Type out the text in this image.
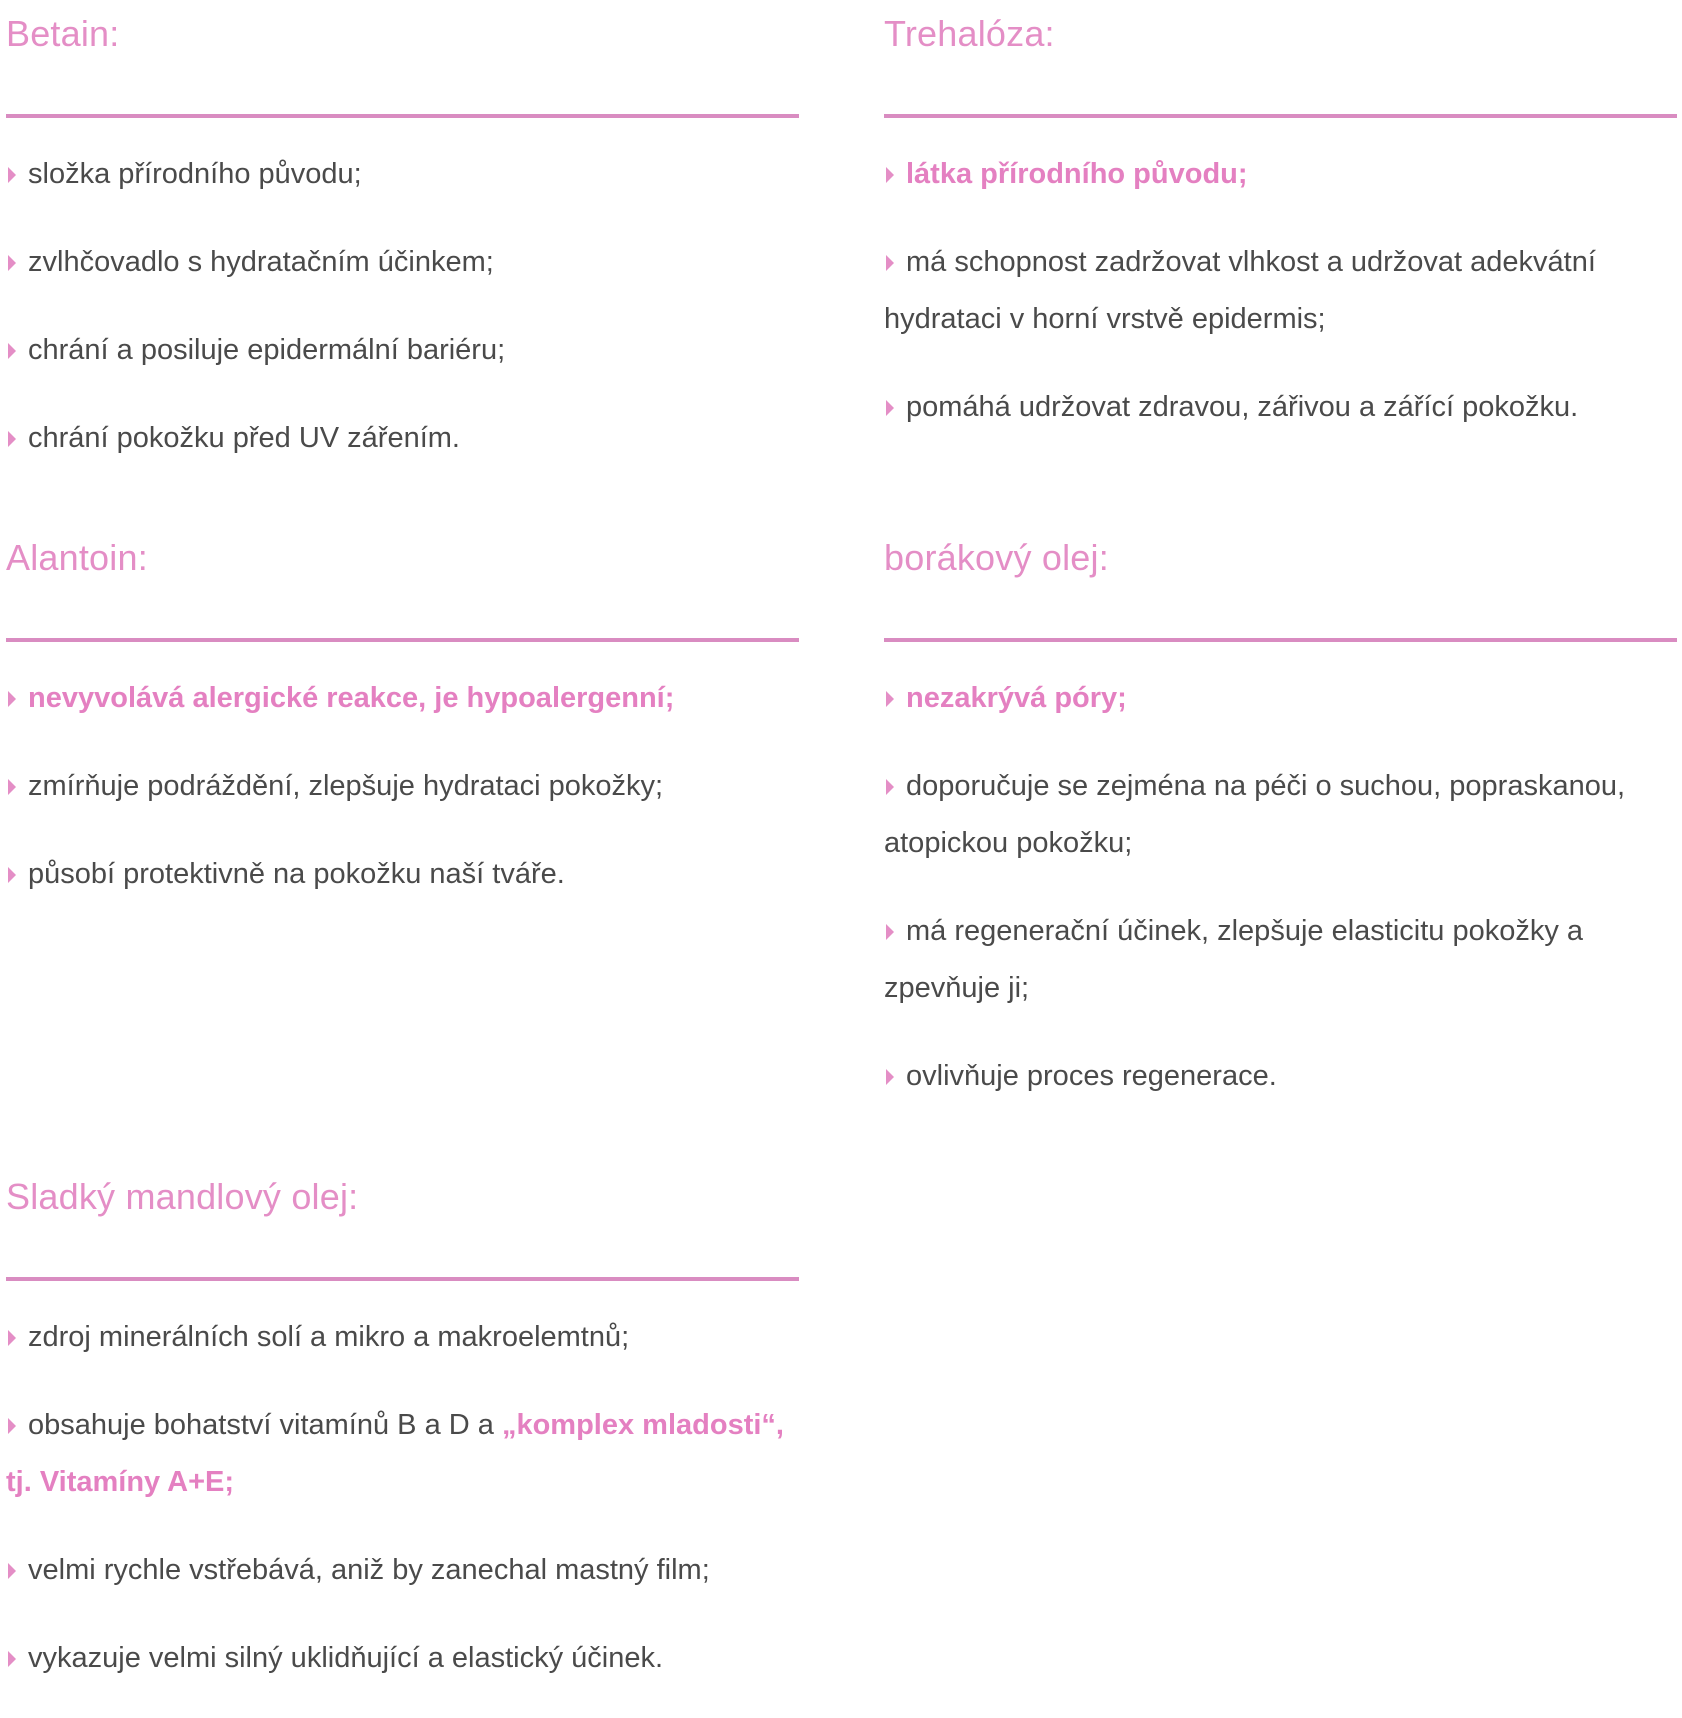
Betain:
složka přírodního původu;
zvlhčovadlo s hydratačním účinkem;
chrání a posiluje epidermální bariéru;
chrání pokožku před UV zářením.
Trehalóza:
látka přírodního původu;
má schopnost zadržovat vlhkost a udržovat adekvátní
hydrataci v horní vrstvě epidermis;
pomáhá udržovat zdravou, zářivou a zářící pokožku.
Alantoin:
nevyvolává alergické reakce, je hypoalergenní;
zmírňuje podráždění, zlepšuje hydrataci pokožky;
působí protektivně na pokožku naší tváře.
borákový olej:
nezakrývá póry;
doporučuje se zejména na péči o suchou, popraskanou,
atopickou pokožku;
má regenerační účinek, zlepšuje elasticitu pokožky a
zpevňuje ji;
ovlivňuje proces regenerace.
Sladký mandlový olej:
zdroj minerálních solí a mikro a makroelemtnů;
obsahuje bohatství vitamínů B a D a „komplex mladosti“,
tj. Vitamíny A+E;
velmi rychle vstřebává, aniž by zanechal mastný film;
vykazuje velmi silný uklidňující a elastický účinek.
